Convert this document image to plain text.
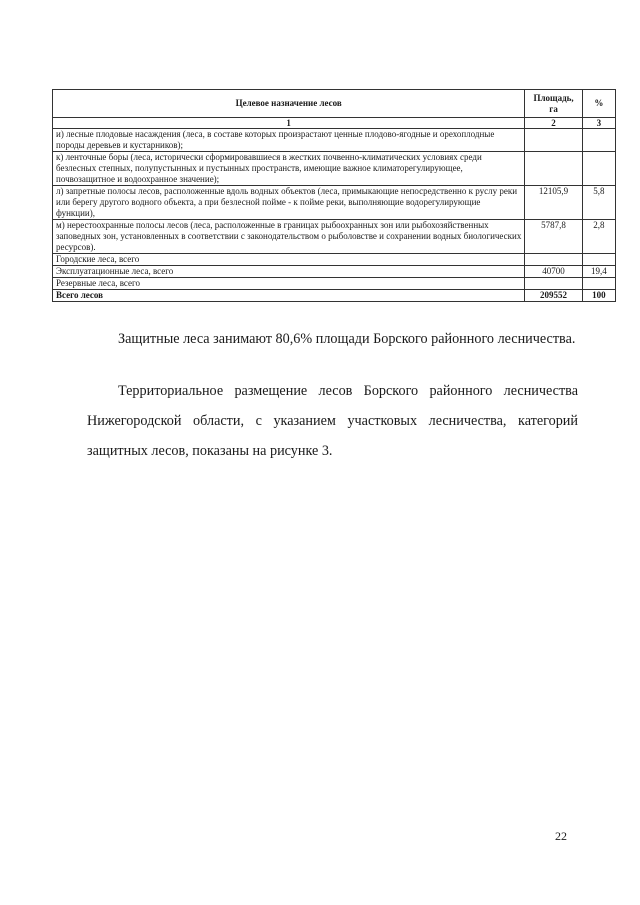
Целевое назначение лесов	Площадь, га	%
1	2	3
и) лесные плодовые насаждения (леса, в составе которых произрастают ценные плодово-ягодные и орехоплодные породы деревьев и кустарников);		
к) ленточные боры (леса, исторически сформировавшиеся в жестких почвенно-климатических условиях среди безлесных степных, полупустынных и пустынных пространств, имеющие важное климаторегулирующее, почвозащитное и водоохранное значение);		
л) запретные полосы лесов, расположенные вдоль водных объектов (леса, примыкающие непосредственно к руслу реки или берегу другого водного объекта, а при безлесной пойме - к пойме реки, выполняющие водорегулирующие функции),	12105,9	5,8
м) нерестоохранные полосы лесов (леса, расположенные в границах рыбоохранных зон или рыбохозяйственных заповедных зон, установленных в соответствии с законодательством о рыболовстве и сохранении водных биологических ресурсов).	5787,8	2,8
Городские леса, всего		
Эксплуатационные леса, всего	40700	19,4
Резервные леса, всего		
Всего лесов	209552	100

Защитные леса занимают 80,6% площади Борского районного лесничества.

Территориальное размещение лесов Борского районного лесничества Нижегородской области, с указанием участковых лесничества, категорий защитных лесов, показаны на рисунке 3.

22
